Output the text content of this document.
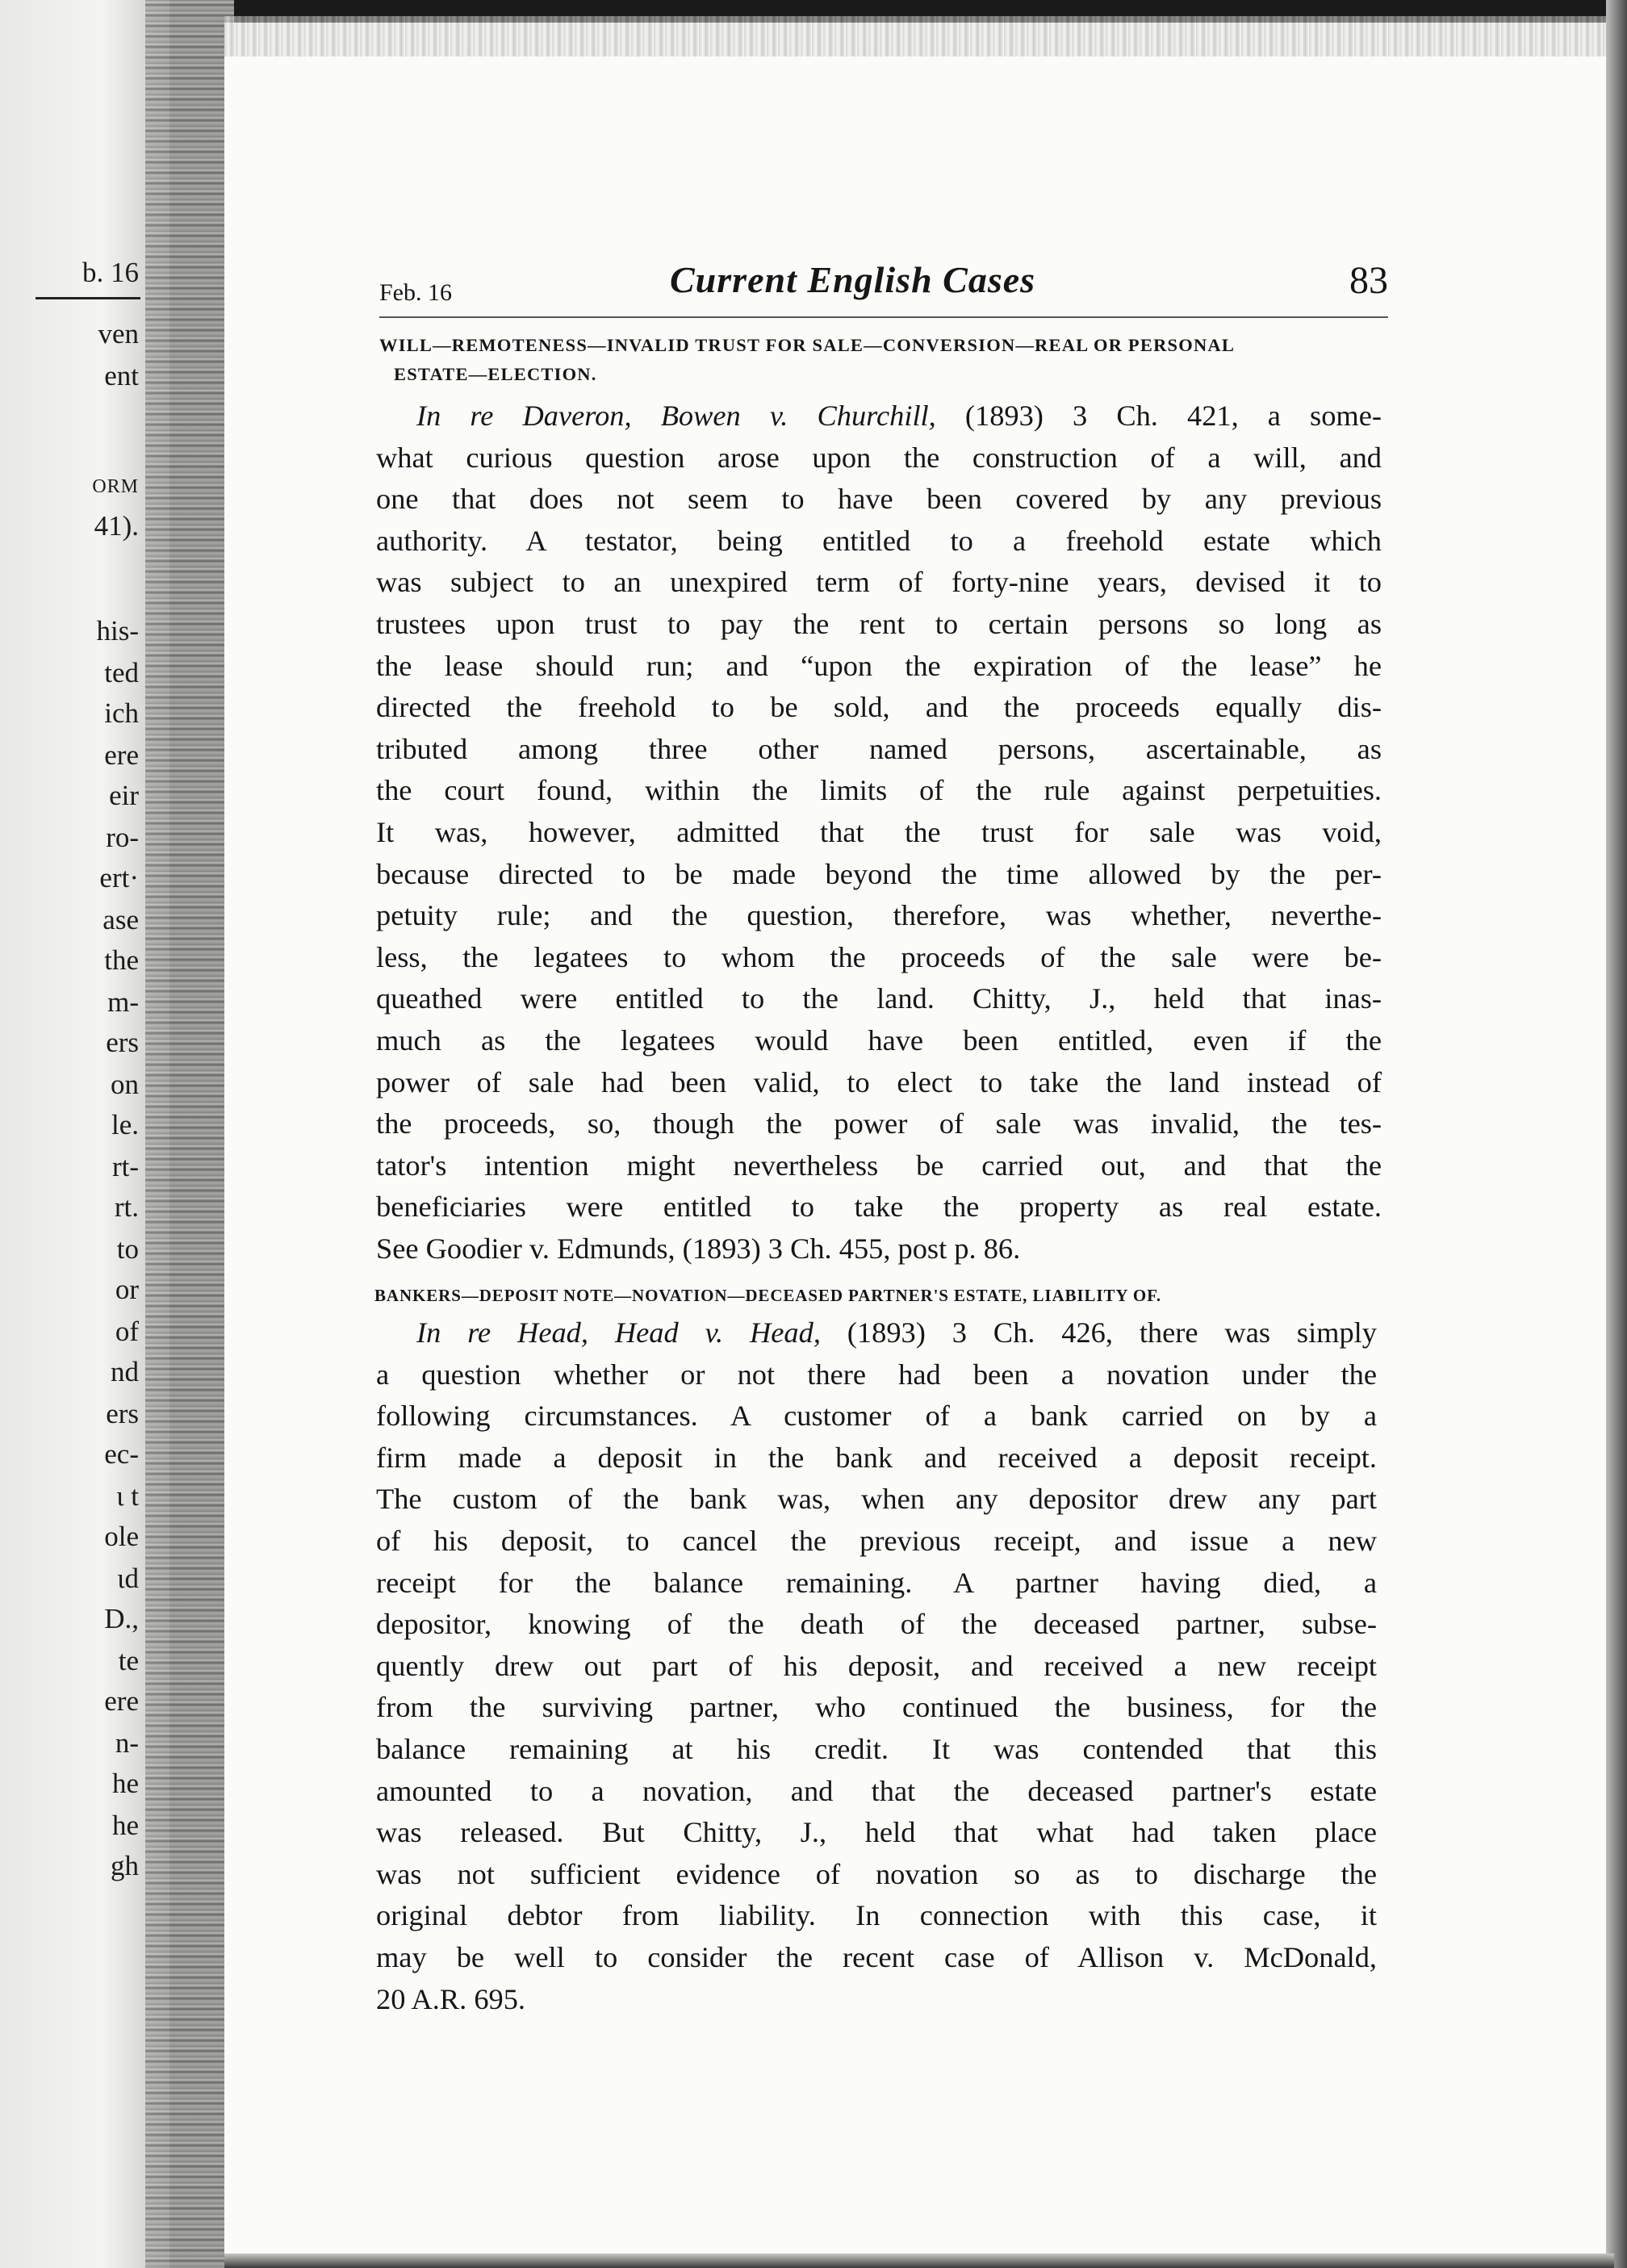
b. 16
ven
ent
ORM
41).
his-
ted
ich
ere
eir
ro-
ert·
ase
the
m-
ers
on
le.
rt-
rt.
to
or
of
nd
ers
ec-
ι t
ole
ιd
D.,
te
ere
n-
he
he
gh
Feb. 16	Current English Cases	83
WILL—REMOTENESS—INVALID TRUST FOR SALE—CONVERSION—REAL OR PERSONAL
ESTATE—ELECTION.
In re Daveron, Bowen v. Churchill, (1893) 3 Ch. 421, a some-
what curious question arose upon the construction of a will, and
one that does not seem to have been covered by any previous
authority. A testator, being entitled to a freehold estate which
was subject to an unexpired term of forty-nine years, devised it to
trustees upon trust to pay the rent to certain persons so long as
the lease should run; and “upon the expiration of the lease” he
directed the freehold to be sold, and the proceeds equally dis-
tributed among three other named persons, ascertainable, as
the court found, within the limits of the rule against perpetuities.
It was, however, admitted that the trust for sale was void,
because directed to be made beyond the time allowed by the per-
petuity rule; and the question, therefore, was whether, neverthe-
less, the legatees to whom the proceeds of the sale were be-
queathed were entitled to the land. Chitty, J., held that inas-
much as the legatees would have been entitled, even if the
power of sale had been valid, to elect to take the land instead of
the proceeds, so, though the power of sale was invalid, the tes-
tator's intention might nevertheless be carried out, and that the
beneficiaries were entitled to take the property as real estate.
See Goodier v. Edmunds, (1893) 3 Ch. 455, post p. 86.
BANKERS—DEPOSIT NOTE—NOVATION—DECEASED PARTNER'S ESTATE, LIABILITY OF.
In re Head, Head v. Head, (1893) 3 Ch. 426, there was simply
a question whether or not there had been a novation under the
following circumstances. A customer of a bank carried on by a
firm made a deposit in the bank and received a deposit receipt.
The custom of the bank was, when any depositor drew any part
of his deposit, to cancel the previous receipt, and issue a new
receipt for the balance remaining. A partner having died, a
depositor, knowing of the death of the deceased partner, subse-
quently drew out part of his deposit, and received a new receipt
from the surviving partner, who continued the business, for the
balance remaining at his credit. It was contended that this
amounted to a novation, and that the deceased partner's estate
was released. But Chitty, J., held that what had taken place
was not sufficient evidence of novation so as to discharge the
original debtor from liability. In connection with this case, it
may be well to consider the recent case of Allison v. McDonald,
20 A.R. 695.
